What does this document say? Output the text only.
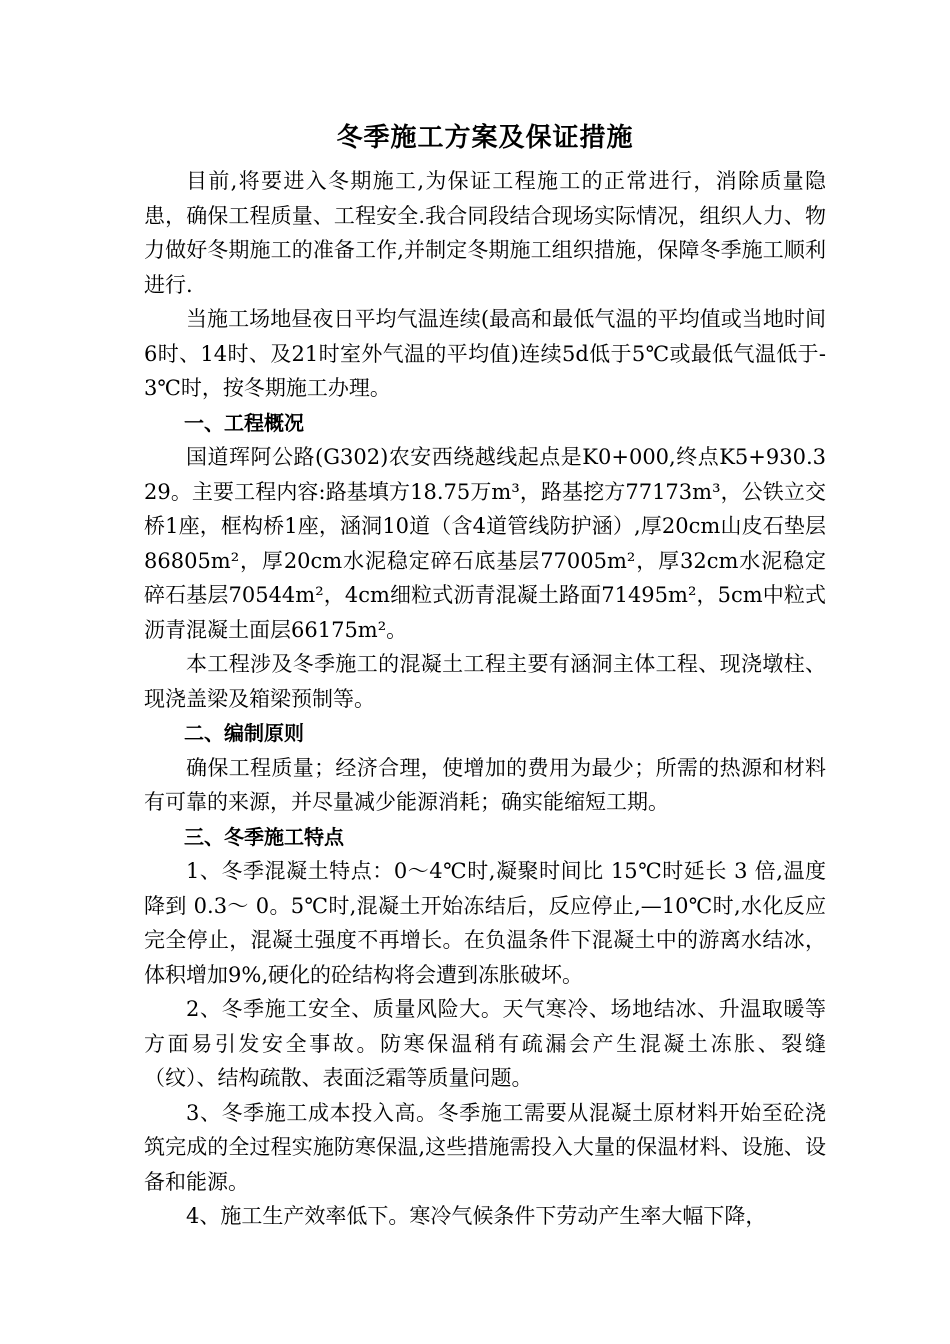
冬季施工方案及保证措施

目前,将要进入冬期施工,为保证工程施工的正常进行，消除质量隐患，确保工程质量、工程安全.我合同段结合现场实际情况，组织人力、物力做好冬期施工的准备工作,并制定冬期施工组织措施，保障冬季施工顺利进行.

当施工场地昼夜日平均气温连续(最高和最低气温的平均值或当地时间6时、14时、及21时室外气温的平均值)连续5d低于5℃或最低气温低于-3℃时，按冬期施工办理。

一、工程概况

国道珲阿公路(G302)农安西绕越线起点是K0+000,终点K5+930.329。主要工程内容:路基填方18.75万m³，路基挖方77173m³，公铁立交桥1座，框构桥1座，涵洞10道（含4道管线防护涵）,厚20cm山皮石垫层86805m²，厚20cm水泥稳定碎石底基层77005m²，厚32cm水泥稳定碎石基层70544m²，4cm细粒式沥青混凝土路面71495m²，5cm中粒式沥青混凝土面层66175m²。

本工程涉及冬季施工的混凝土工程主要有涵洞主体工程、现浇墩柱、现浇盖梁及箱梁预制等。

二、编制原则

确保工程质量；经济合理，使增加的费用为最少；所需的热源和材料有可靠的来源，并尽量减少能源消耗；确实能缩短工期。

三、冬季施工特点

1、冬季混凝土特点：0～4℃时,凝聚时间比 15℃时延长 3 倍,温度降到 0.3～ 0。5℃时,混凝土开始冻结后，反应停止,—10℃时,水化反应完全停止，混凝土强度不再增长。在负温条件下混凝土中的游离水结冰，体积增加9%,硬化的砼结构将会遭到冻胀破坏。

2、冬季施工安全、质量风险大。天气寒冷、场地结冰、升温取暖等方面易引发安全事故。防寒保温稍有疏漏会产生混凝土冻胀、裂缝（纹）、结构疏散、表面泛霜等质量问题。

3、冬季施工成本投入高。冬季施工需要从混凝土原材料开始至砼浇筑完成的全过程实施防寒保温,这些措施需投入大量的保温材料、设施、设备和能源。

4、施工生产效率低下。寒冷气候条件下劳动产生率大幅下降，
